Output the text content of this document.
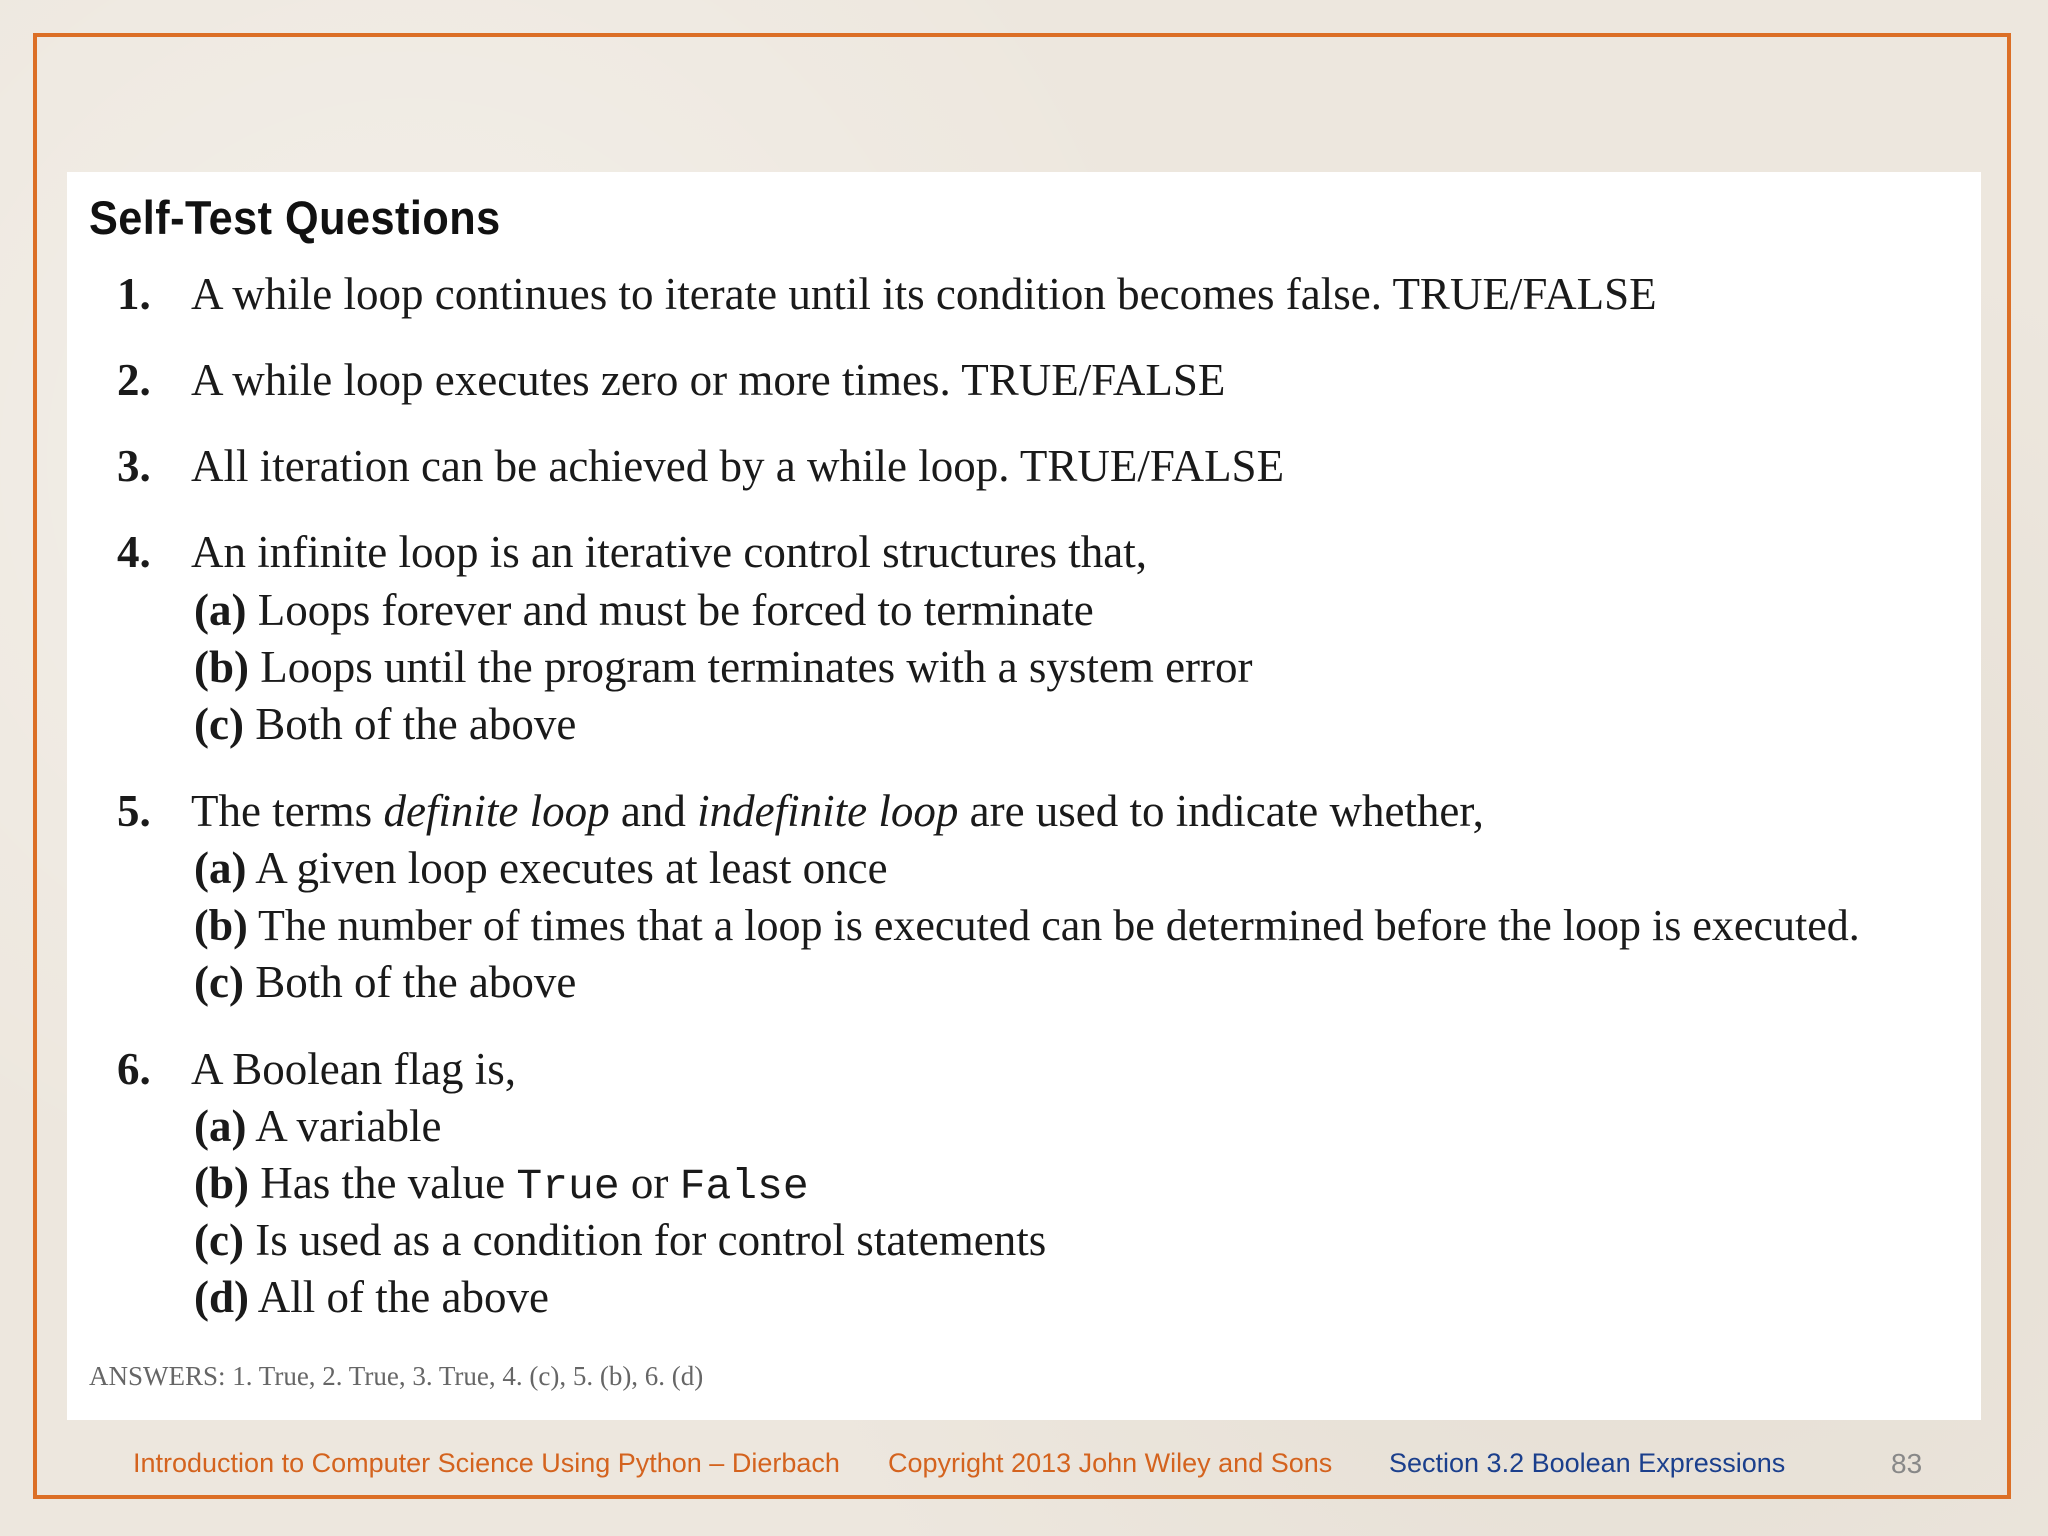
Self-Test Questions
1. A while loop continues to iterate until its condition becomes false. TRUE/FALSE
2. A while loop executes zero or more times. TRUE/FALSE
3. All iteration can be achieved by a while loop. TRUE/FALSE
4. An infinite loop is an iterative control structures that,
(a) Loops forever and must be forced to terminate
(b) Loops until the program terminates with a system error
(c) Both of the above
5. The terms definite loop and indefinite loop are used to indicate whether,
(a) A given loop executes at least once
(b) The number of times that a loop is executed can be determined before the loop is executed.
(c) Both of the above
6. A Boolean flag is,
(a) A variable
(b) Has the value True or False
(c) Is used as a condition for control statements
(d) All of the above
ANSWERS: 1. True, 2. True, 3. True, 4. (c), 5. (b), 6. (d)
Introduction to Computer Science Using Python – Dierbach Copyright 2013 John Wiley and Sons Section 3.2 Boolean Expressions	83
